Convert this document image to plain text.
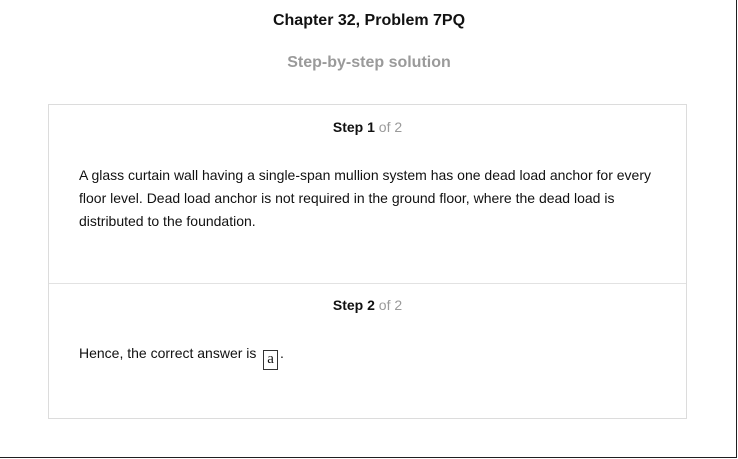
Chapter 32, Problem 7PQ
Step-by-step solution
Step 1 of 2
A glass curtain wall having a single-span mullion system has one dead load anchor for every floor level. Dead load anchor is not required in the ground floor, where the dead load is distributed to the foundation.
Step 2 of 2
Hence, the correct answer is a .
